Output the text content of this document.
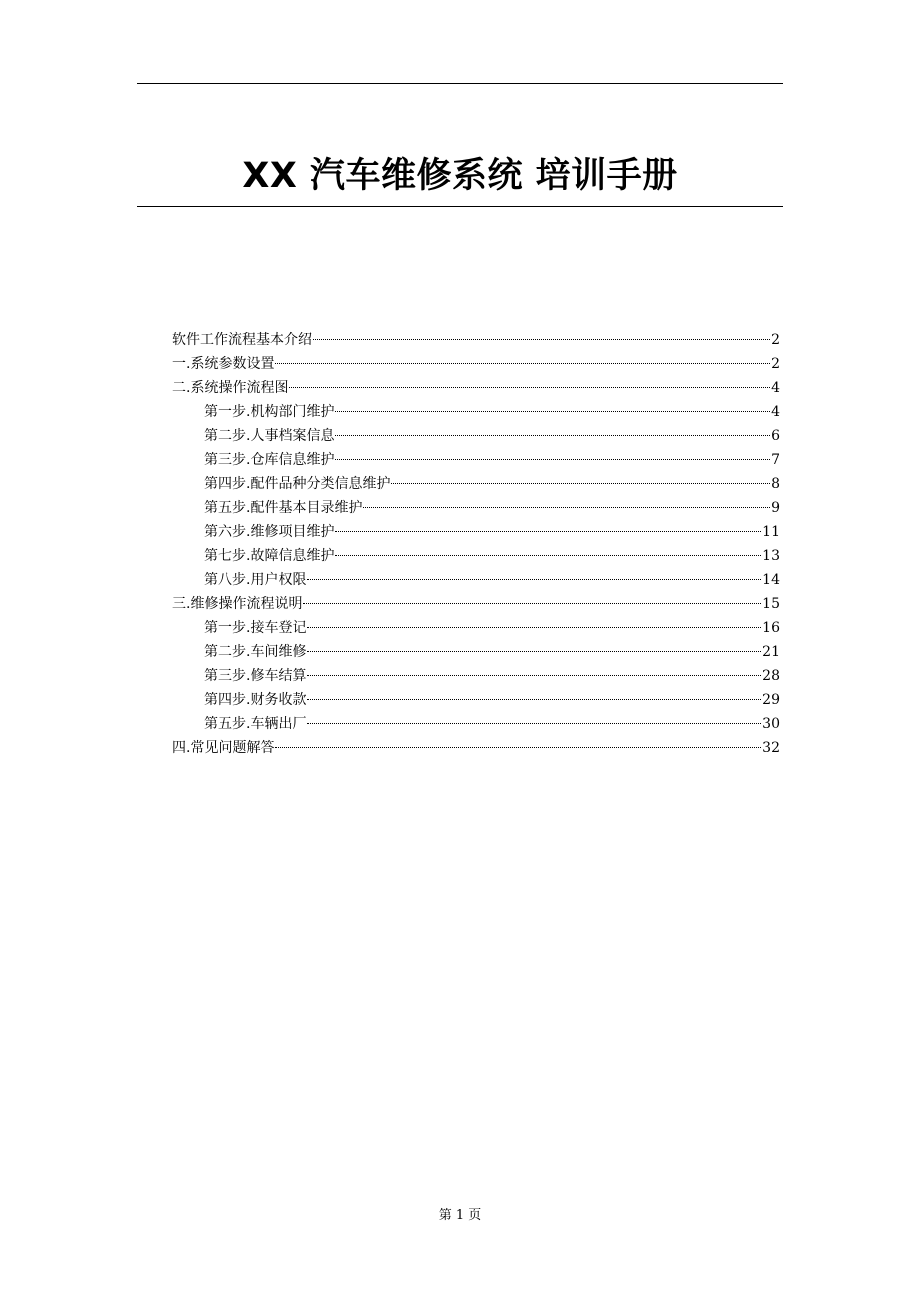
XX 汽车维修系统 培训手册
软件工作流程基本介绍	2
一.系统参数设置	2
二.系统操作流程图	4
第一步.机构部门维护	4
第二步.人事档案信息	6
第三步.仓库信息维护	7
第四步.配件品种分类信息维护	8
第五步.配件基本目录维护	9
第六步.维修项目维护	11
第七步.故障信息维护	13
第八步.用户权限	14
三.维修操作流程说明	15
第一步.接车登记	16
第二步.车间维修	21
第三步.修车结算	28
第四步.财务收款	29
第五步.车辆出厂	30
四.常见问题解答	32
第 1 页
